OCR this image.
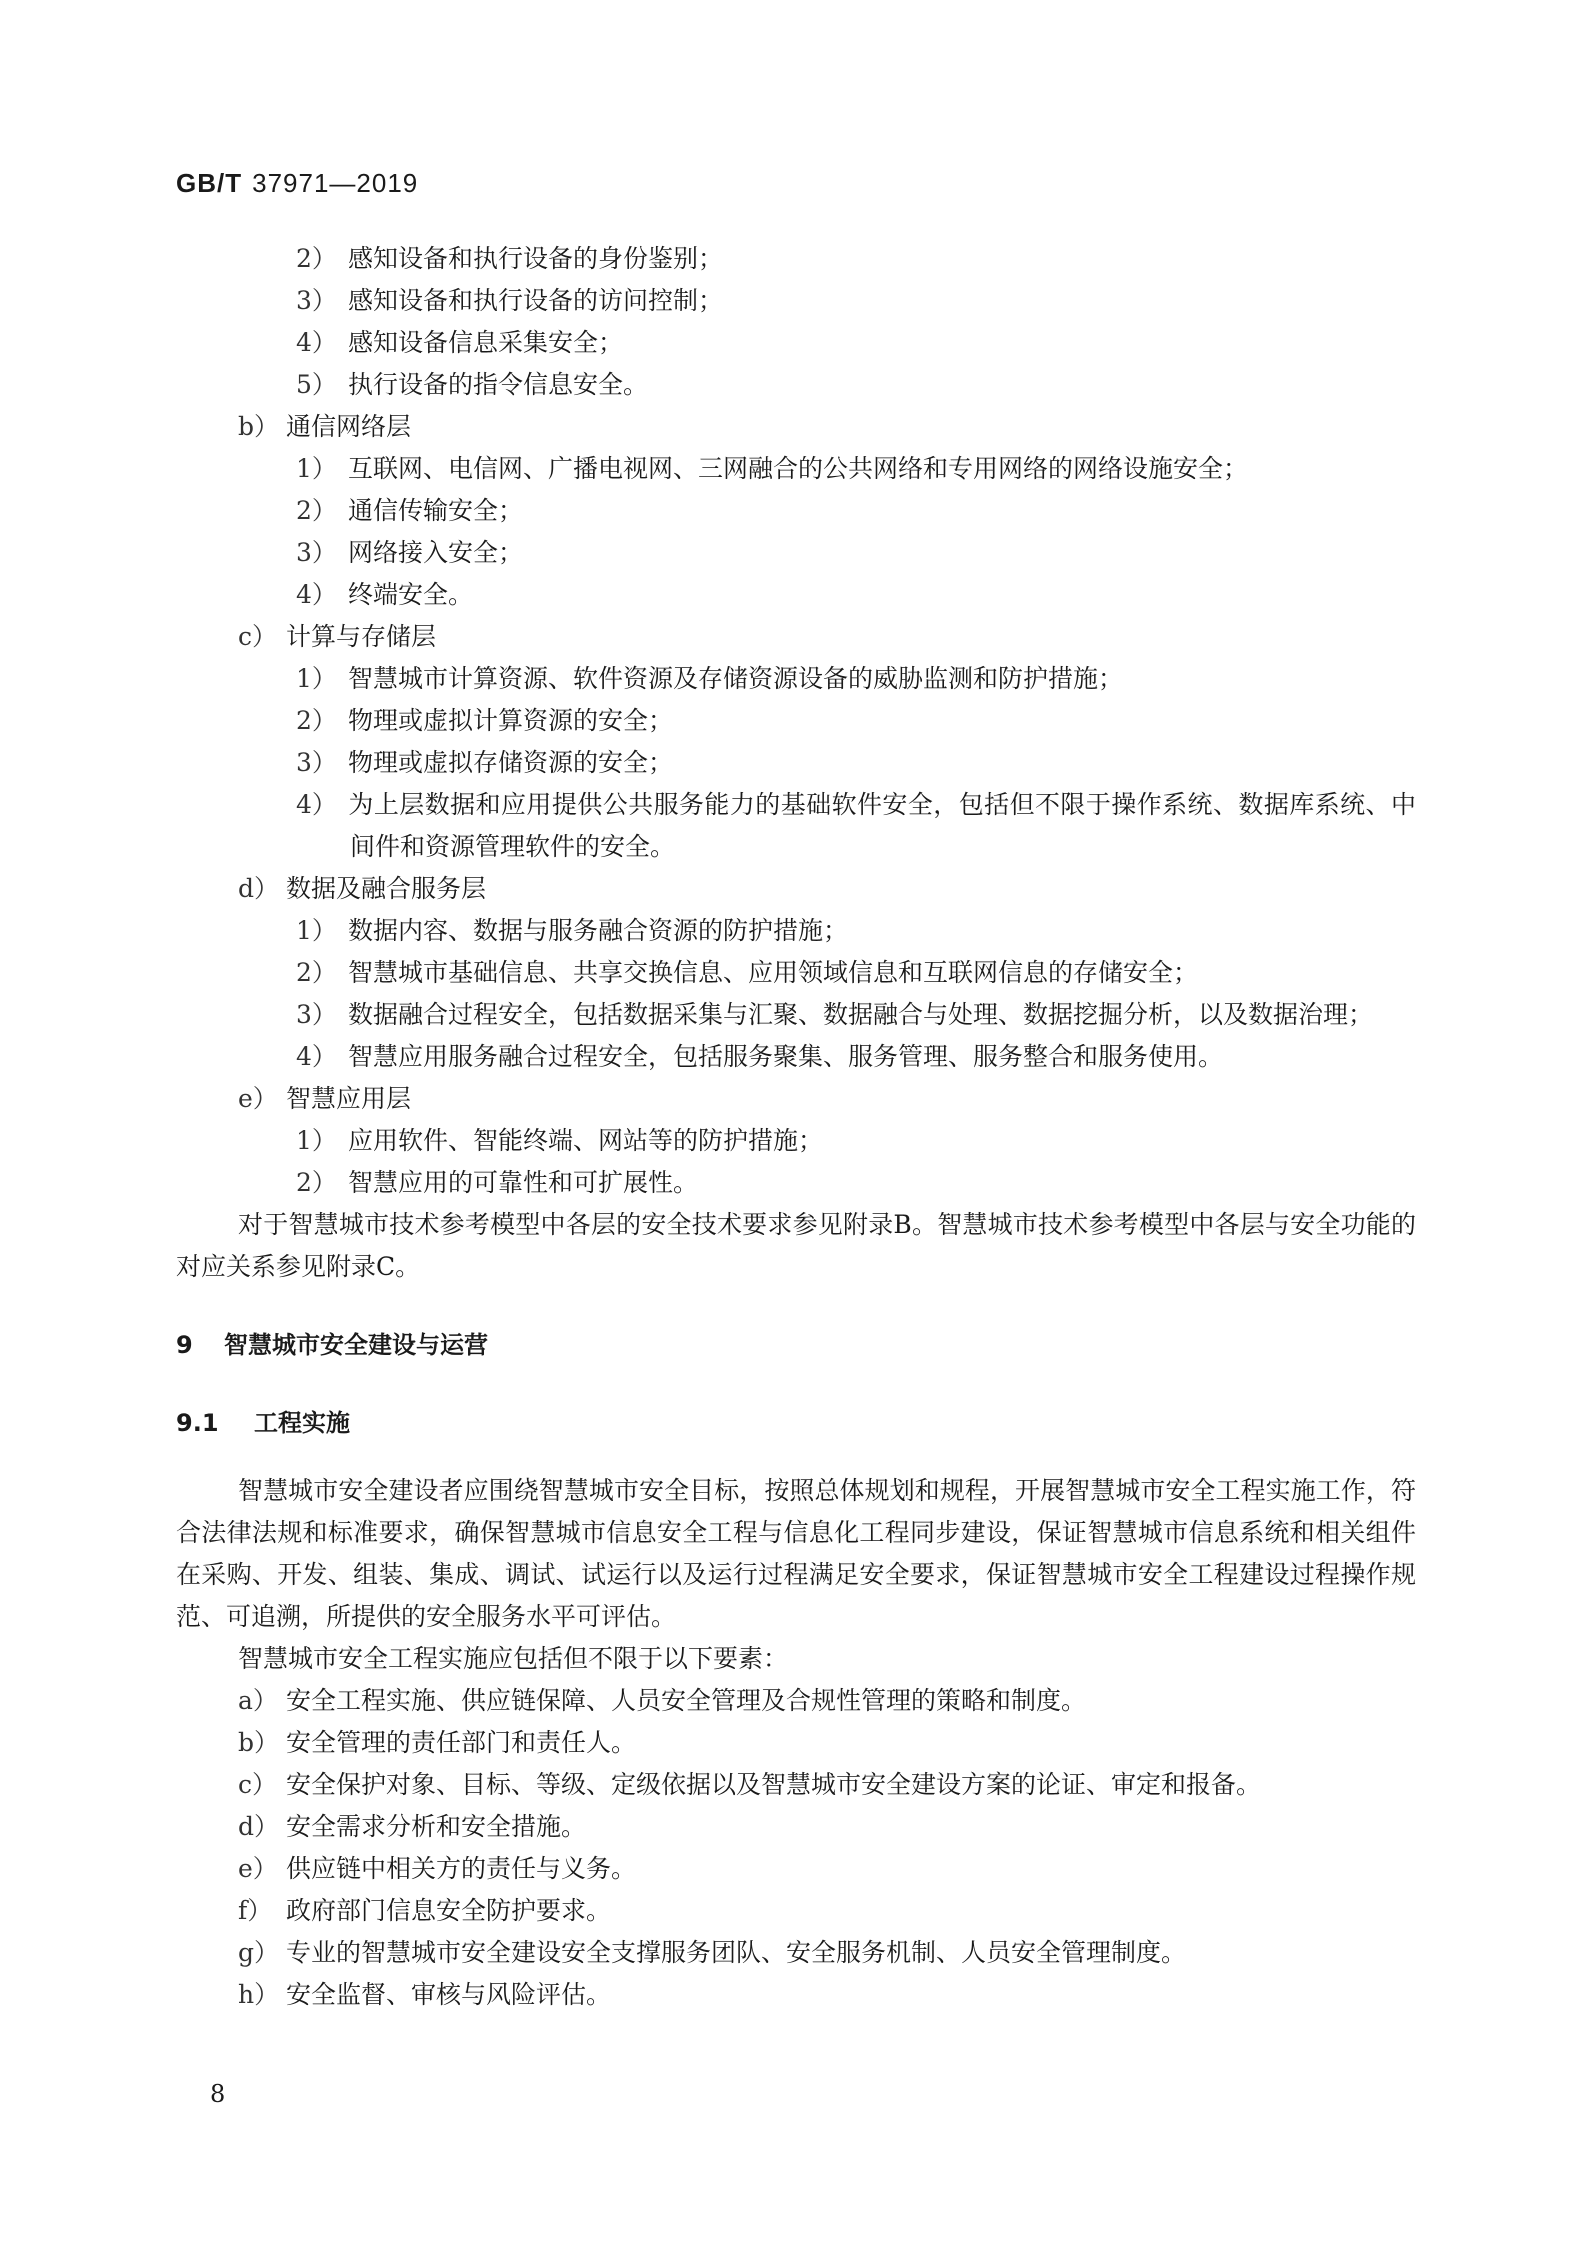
GB/T 37971—2019
2） 感知设备和执行设备的身份鉴别；
3） 感知设备和执行设备的访问控制；
4） 感知设备信息采集安全；
5） 执行设备的指令信息安全。
b） 通信网络层
1） 互联网、电信网、广播电视网、三网融合的公共网络和专用网络的网络设施安全；
2） 通信传输安全；
3） 网络接入安全；
4） 终端安全。
c） 计算与存储层
1） 智慧城市计算资源、软件资源及存储资源设备的威胁监测和防护措施；
2） 物理或虚拟计算资源的安全；
3） 物理或虚拟存储资源的安全；
4） 为上层数据和应用提供公共服务能力的基础软件安全，包括但不限于操作系统、数据库系统、中间件和资源管理软件的安全。
d） 数据及融合服务层
1） 数据内容、数据与服务融合资源的防护措施；
2） 智慧城市基础信息、共享交换信息、应用领域信息和互联网信息的存储安全；
3） 数据融合过程安全，包括数据采集与汇聚、数据融合与处理、数据挖掘分析，以及数据治理；
4） 智慧应用服务融合过程安全，包括服务聚集、服务管理、服务整合和服务使用。
e） 智慧应用层
1） 应用软件、智能终端、网站等的防护措施；
2） 智慧应用的可靠性和可扩展性。
对于智慧城市技术参考模型中各层的安全技术要求参见附录B。智慧城市技术参考模型中各层与安全功能的对应关系参见附录C。
9 智慧城市安全建设与运营
9.1 工程实施
智慧城市安全建设者应围绕智慧城市安全目标，按照总体规划和规程，开展智慧城市安全工程实施工作，符合法律法规和标准要求，确保智慧城市信息安全工程与信息化工程同步建设，保证智慧城市信息系统和相关组件在采购、开发、组装、集成、调试、试运行以及运行过程满足安全要求，保证智慧城市安全工程建设过程操作规范、可追溯，所提供的安全服务水平可评估。
智慧城市安全工程实施应包括但不限于以下要素：
a） 安全工程实施、供应链保障、人员安全管理及合规性管理的策略和制度。
b） 安全管理的责任部门和责任人。
c） 安全保护对象、目标、等级、定级依据以及智慧城市安全建设方案的论证、审定和报备。
d） 安全需求分析和安全措施。
e） 供应链中相关方的责任与义务。
f） 政府部门信息安全防护要求。
g） 专业的智慧城市安全建设安全支撑服务团队、安全服务机制、人员安全管理制度。
h） 安全监督、审核与风险评估。
8
